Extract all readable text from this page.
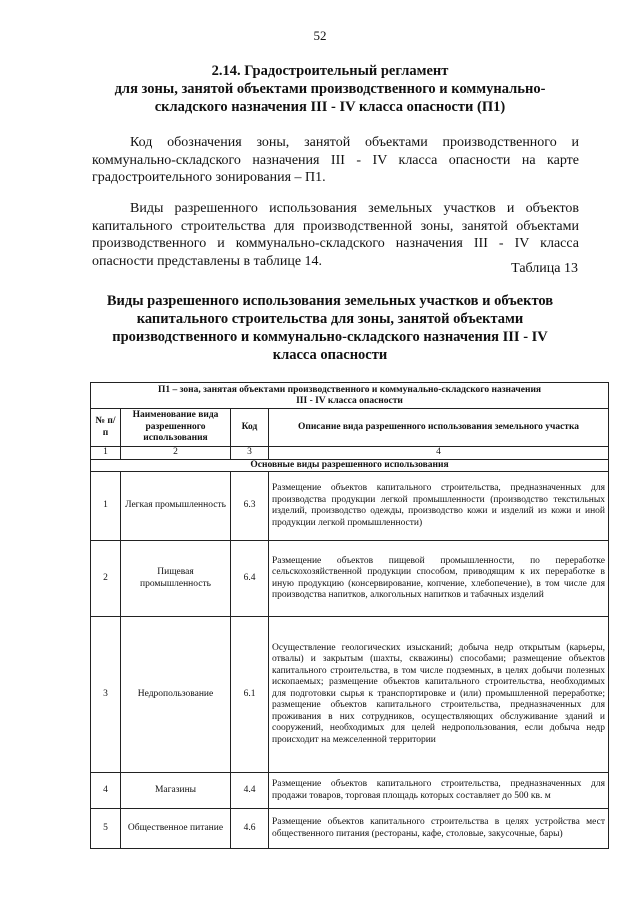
52
2.14. Градостроительный регламент
для зоны, занятой объектами производственного и коммунально-
складского назначения III - IV класса опасности (П1)
Код обозначения зоны, занятой объектами производственного и коммунально-складского назначения III - IV класса опасности на карте градостроительного зонирования – П1.
Виды разрешенного использования земельных участков и объектов капитального строительства для производственной зоны, занятой объектами производственного и коммунально-складского назначения III - IV класса опасности представлены в таблице 14.	Таблица 13
Виды разрешенного использования земельных участков и объектов
капитального строительства для зоны, занятой объектами
производственного и коммунально-складского назначения III - IV
класса опасности
П1 – зона, занятая объектами производственного и коммунально-складского назначения
III - IV класса опасности			

№ п/п	Наименование вида разрешенного использования	Код	Описание вида разрешенного использования земельного участка
1	2	3	4
Основные виды разрешенного использования			
1	Легкая промышленность	6.3	Размещение объектов капитального строительства, предназначенных для производства продукции легкой промышленности (производство текстильных изделий, производство одежды, производство кожи и изделий из кожи и иной продукции легкой промышленности)
2	Пищевая промышленность	6.4	Размещение объектов пищевой промышленности, по переработке сельскохозяйственной продукции способом, приводящим к их переработке в иную продукцию (консервирование, копчение, хлебопечение), в том числе для производства напитков, алкогольных напитков и табачных изделий
3	Недропользование	6.1	Осуществление геологических изысканий; добыча недр открытым (карьеры, отвалы) и закрытым (шахты, скважины) способами; размещение объектов капитального строительства, в том числе подземных, в целях добычи полезных ископаемых; размещение объектов капитального строительства, необходимых для подготовки сырья к транспортировке и (или) промышленной переработке; размещение объектов капитального строительства, предназначенных для проживания в них сотрудников, осуществляющих обслуживание зданий и сооружений, необходимых для целей недропользования, если добыча недр происходит на межселенной территории
4	Магазины	4.4	Размещение объектов капитального строительства, предназначенных для продажи товаров, торговая площадь которых составляет до 500 кв. м
5	Общественное питание	4.6	Размещение объектов капитального строительства в целях устройства мест общественного питания (рестораны, кафе, столовые, закусочные, бары)
